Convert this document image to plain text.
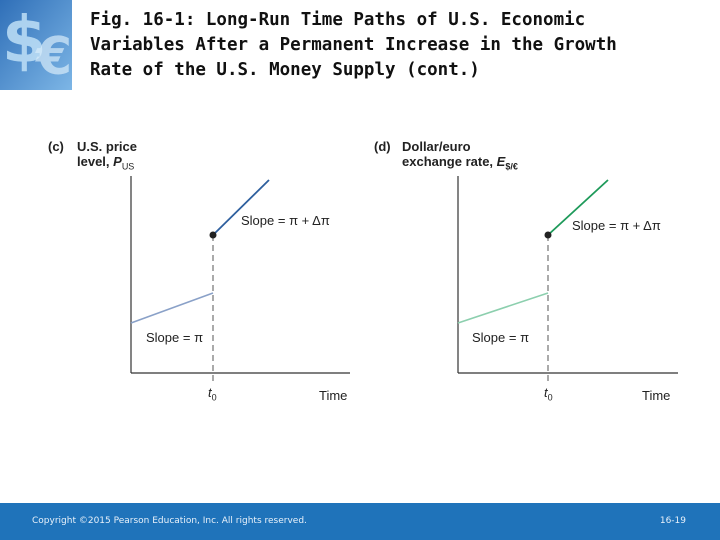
$
€
Fig. 16-1: Long-Run Time Paths of U.S. Economic
Variables After a Permanent Increase in the Growth
Rate of the U.S. Money Supply (cont.)
(c) U.S. price
level, $P_{US}$
Slope = π + Δπ
Slope = π
$t_0$	Time
(d) Dollar/euro
exchange rate, $E_{\$/€}$
Slope = π + Δπ
Slope = π
$t_0$	Time
Copyright ©2015 Pearson Education, Inc. All rights reserved.	16-19
